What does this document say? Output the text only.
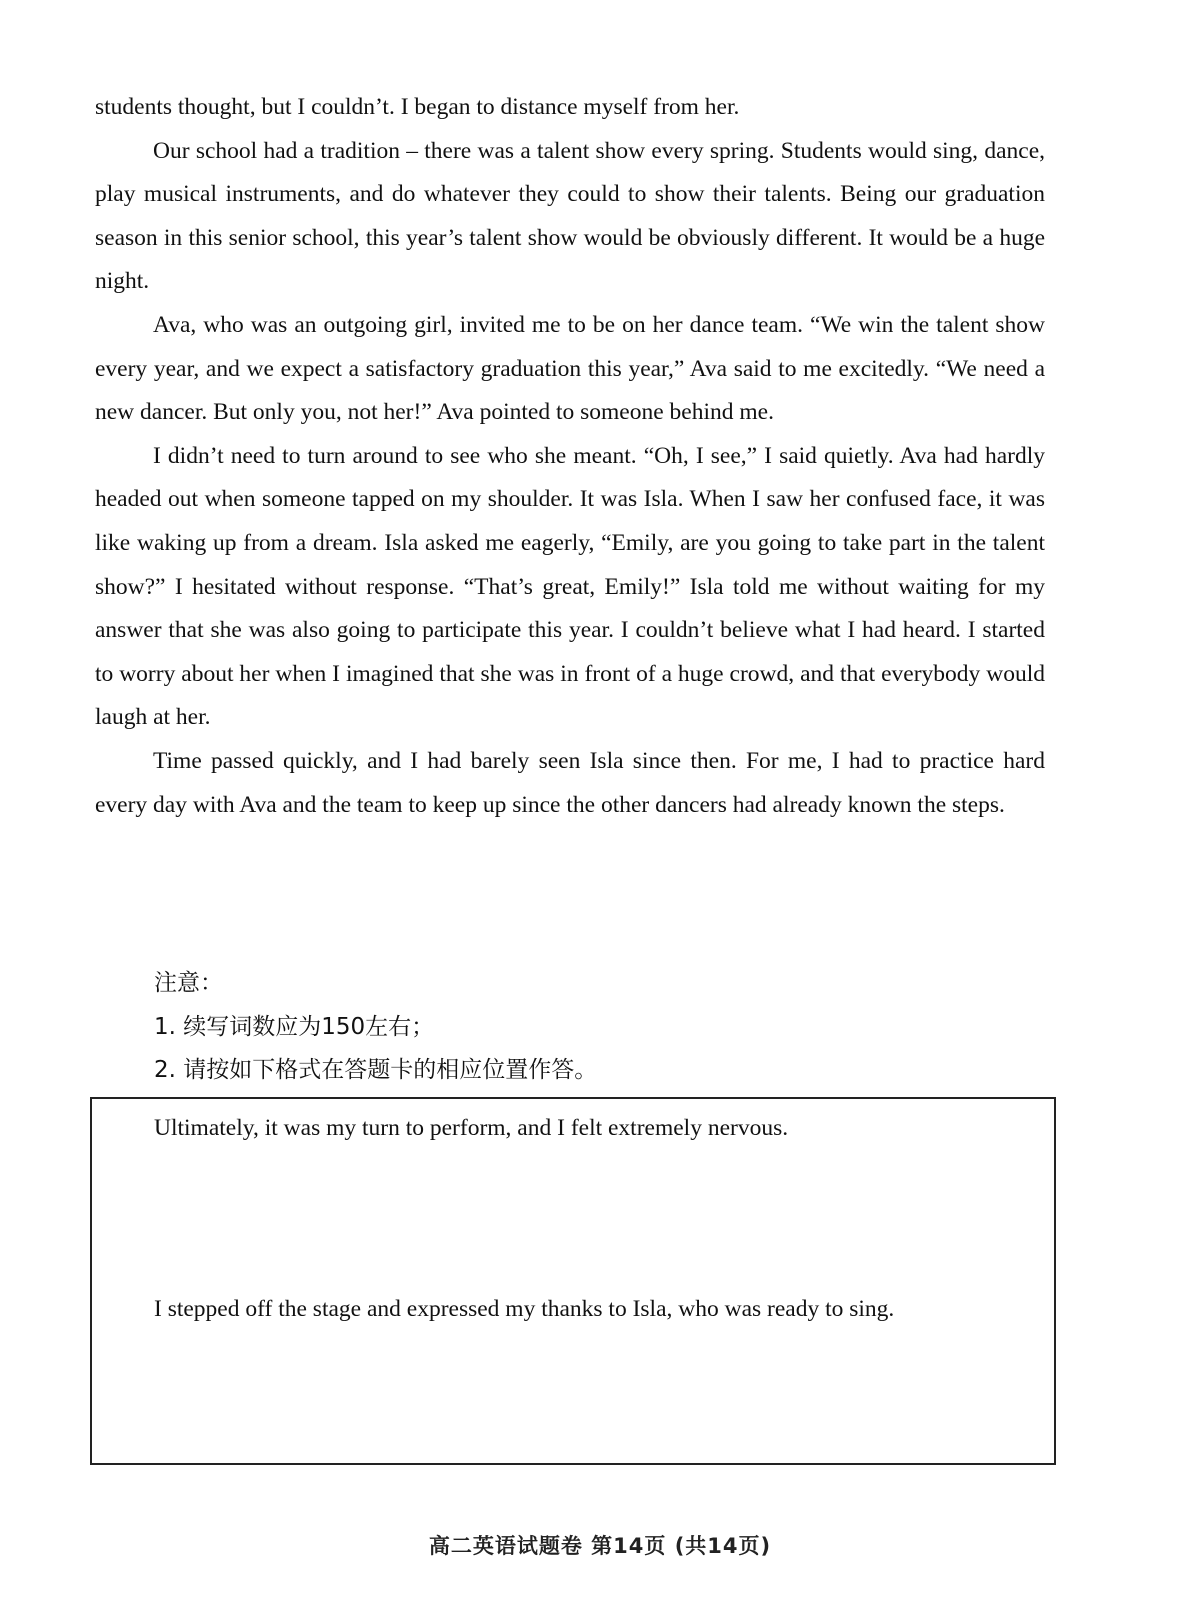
students thought, but I couldn’t. I began to distance myself from her.

Our school had a tradition – there was a talent show every spring. Students would sing, dance, play musical instruments, and do whatever they could to show their talents. Being our graduation season in this senior school, this year’s talent show would be obviously different. It would be a huge night.

Ava, who was an outgoing girl, invited me to be on her dance team. “We win the talent show every year, and we expect a satisfactory graduation this year,” Ava said to me excitedly. “We need a new dancer. But only you, not her!” Ava pointed to someone behind me.

I didn’t need to turn around to see who she meant. “Oh, I see,” I said quietly. Ava had hardly headed out when someone tapped on my shoulder. It was Isla. When I saw her confused face, it was like waking up from a dream. Isla asked me eagerly, “Emily, are you going to take part in the talent show?” I hesitated without response. “That’s great, Emily!” Isla told me without waiting for my answer that she was also going to participate this year. I couldn’t believe what I had heard. I started to worry about her when I imagined that she was in front of a huge crowd, and that everybody would laugh at her.

Time passed quickly, and I had barely seen Isla since then. For me, I had to practice hard every day with Ava and the team to keep up since the other dancers had already known the steps.

注意：

1. 续写词数应为150左右；

2. 请按如下格式在答题卡的相应位置作答。

Ultimately, it was my turn to perform, and I felt extremely nervous.

I stepped off the stage and expressed my thanks to Isla, who was ready to sing.

高二英语试题卷 第14页 (共14页)
